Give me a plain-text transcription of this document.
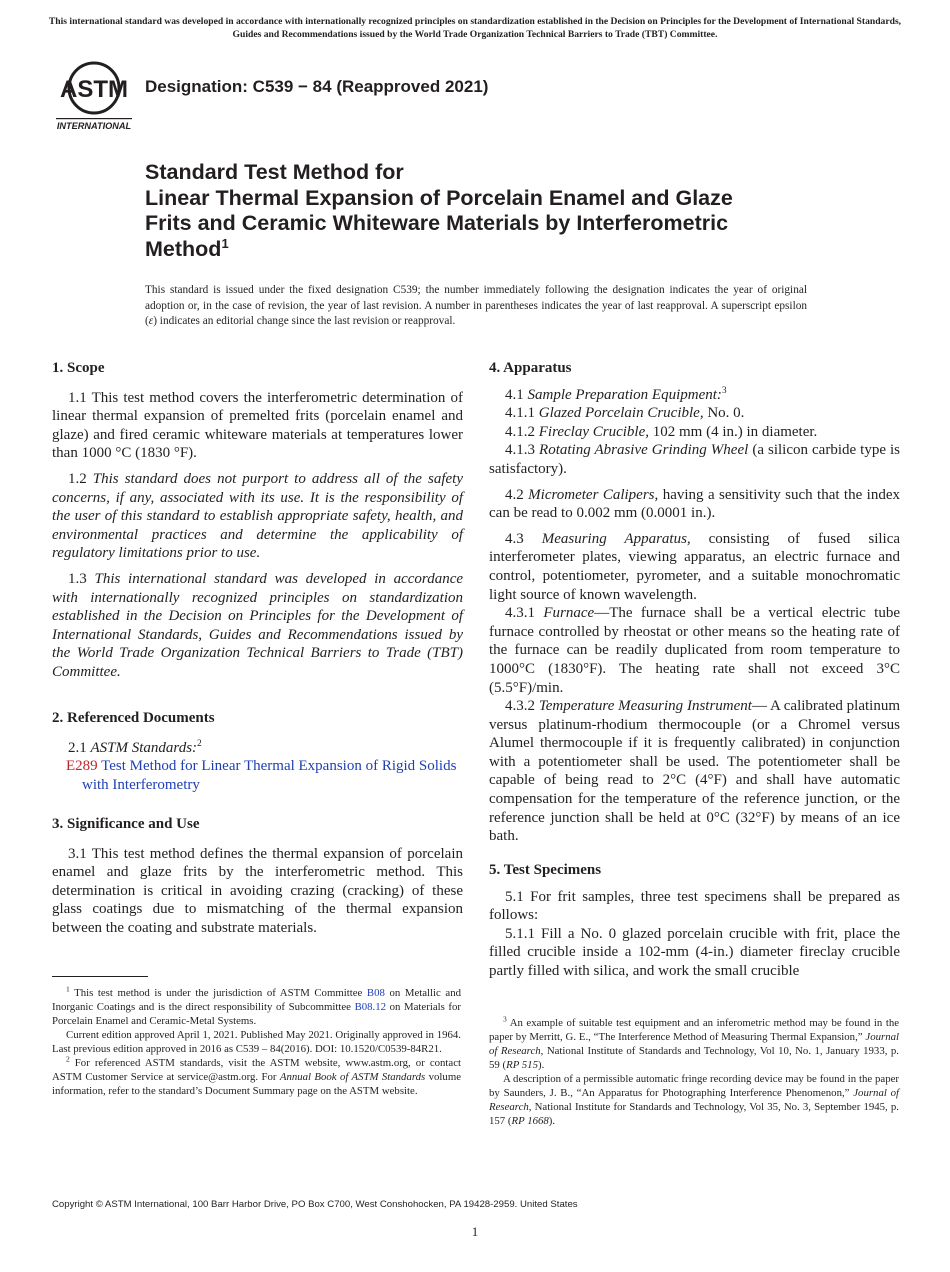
This international standard was developed in accordance with internationally recognized principles on standardization established in the Decision on Principles for the Development of International Standards, Guides and Recommendations issued by the World Trade Organization Technical Barriers to Trade (TBT) Committee.
ASTM
INTERNATIONAL
Designation: C539 − 84 (Reapproved 2021)
Standard Test Method for
Linear Thermal Expansion of Porcelain Enamel and Glaze
Frits and Ceramic Whiteware Materials by Interferometric
Method$^1$
This standard is issued under the fixed designation C539; the number immediately following the designation indicates the year of original adoption or, in the case of revision, the year of last revision. A number in parentheses indicates the year of last reapproval. A superscript epsilon (ε) indicates an editorial change since the last revision or reapproval.
1. Scope

1.1 This test method covers the interferometric determination of linear thermal expansion of premelted frits (porcelain enamel and glaze) and fired ceramic whiteware materials at temperatures lower than 1000 °C (1830 °F).

1.2 This standard does not purport to address all of the safety concerns, if any, associated with its use. It is the responsibility of the user of this standard to establish appropriate safety, health, and environmental practices and determine the applicability of regulatory limitations prior to use.

1.3 This international standard was developed in accordance with internationally recognized principles on standardization established in the Decision on Principles for the Development of International Standards, Guides and Recommendations issued by the World Trade Organization Technical Barriers to Trade (TBT) Committee.

2. Referenced Documents

2.1 ASTM Standards:$^2$

E289 Test Method for Linear Thermal Expansion of Rigid Solids with Interferometry

3. Significance and Use

3.1 This test method defines the thermal expansion of porcelain enamel and glaze frits by the interferometric method. This determination is critical in avoiding crazing (cracking) of these glass coatings due to mismatching of the thermal expansion between the coating and substrate materials.

$^1$ This test method is under the jurisdiction of ASTM Committee B08 on Metallic and Inorganic Coatings and is the direct responsibility of Subcommittee B08.12 on Materials for Porcelain Enamel and Ceramic-Metal Systems.

Current edition approved April 1, 2021. Published May 2021. Originally approved in 1964. Last previous edition approved in 2016 as C539 – 84(2016). DOI: 10.1520/C0539-84R21.

$^2$ For referenced ASTM standards, visit the ASTM website, www.astm.org, or contact ASTM Customer Service at service@astm.org. For Annual Book of ASTM Standards volume information, refer to the standard’s Document Summary page on the ASTM website.

4. Apparatus

4.1 Sample Preparation Equipment:$^3$

4.1.1 Glazed Porcelain Crucible, No. 0.

4.1.2 Fireclay Crucible, 102 mm (4 in.) in diameter.

4.1.3 Rotating Abrasive Grinding Wheel (a silicon carbide type is satisfactory).

4.2 Micrometer Calipers, having a sensitivity such that the index can be read to 0.002 mm (0.0001 in.).

4.3 Measuring Apparatus, consisting of fused silica interferometer plates, viewing apparatus, an electric furnace and control, potentiometer, pyrometer, and a suitable monochromatic light source of known wavelength.

4.3.1 Furnace—The furnace shall be a vertical electric tube furnace controlled by rheostat or other means so the heating rate of the furnace can be readily duplicated from room temperature to 1000°C (1830°F). The heating rate shall not exceed 3°C (5.5°F)/min.

4.3.2 Temperature Measuring Instrument— A calibrated platinum versus platinum-rhodium thermocouple (or a Chromel versus Alumel thermocouple if it is frequently calibrated) in conjunction with a potentiometer shall be used. The potentiometer shall be capable of being read to 2°C (4°F) and shall have automatic compensation for the temperature of the reference junction, or the reference junction shall be held at 0°C (32°F) by means of an ice bath.

5. Test Specimens

5.1 For frit samples, three test specimens shall be prepared as follows:

5.1.1 Fill a No. 0 glazed porcelain crucible with frit, place the filled crucible inside a 102-mm (4-in.) diameter fireclay crucible partly filled with silica, and work the small crucible

$^3$ An example of suitable test equipment and an inferometric method may be found in the paper by Merritt, G. E., “The Interference Method of Measuring Thermal Expansion,” Journal of Research, National Institute of Standards and Technology, Vol 10, No. 1, January 1933, p. 59 (RP 515).

A description of a permissible automatic fringe recording device may be found in the paper by Saunders, J. B., “An Apparatus for Photographing Interference Phenomenon,” Journal of Research, National Institute for Standards and Technology, Vol 35, No. 3, September 1945, p. 157 (RP 1668).

Copyright © ASTM International, 100 Barr Harbor Drive, PO Box C700, West Conshohocken, PA 19428-2959. United States
1
